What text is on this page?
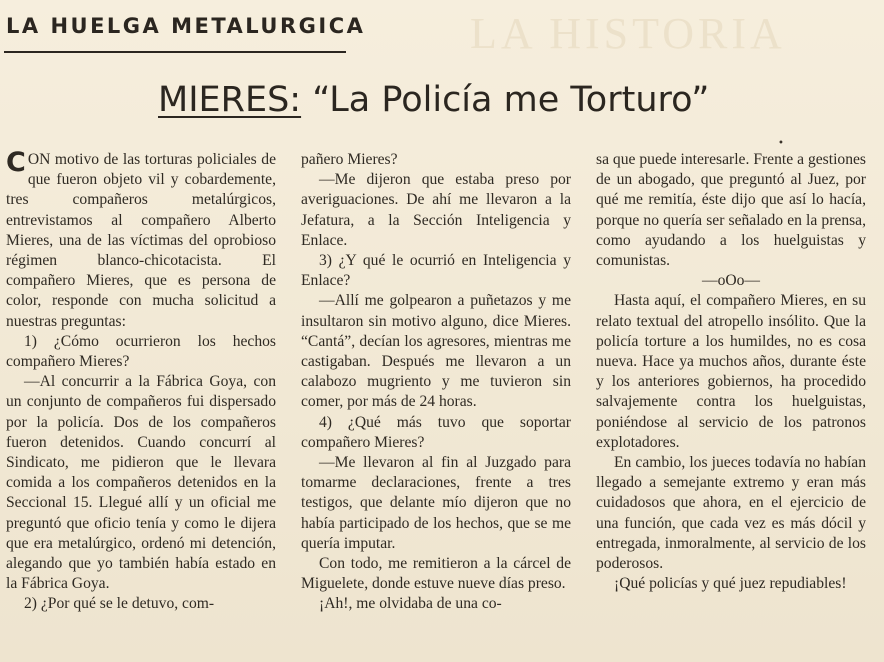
LA HISTORIA
LA HUELGA METALURGICA
MIERES: “La Policía me Torturo”
•

CON motivo de las torturas policiales de que fueron objeto vil y cobardemente, tres compañeros metalúrgicos, entrevistamos al compañero Alberto Mieres, una de las víctimas del oprobioso régimen blanco-chicotacista. El compañero Mieres, que es persona de color, responde con mucha solicitud a nuestras preguntas:

1) ¿Cómo ocurrieron los hechos compañero Mieres?

—Al concurrir a la Fábrica Goya, con un conjunto de compañeros fui dispersado por la policía. Dos de los compañeros fueron detenidos. Cuando concurrí al Sindicato, me pidieron que le llevara comida a los compañeros detenidos en la Seccional 15. Llegué allí y un oficial me preguntó que oficio tenía y como le dijera que era metalúrgico, ordenó mi detención, alegando que yo también había estado en la Fábrica Goya.

2) ¿Por qué se le detuvo, com-

pañero Mieres?

—Me dijeron que estaba preso por averiguaciones. De ahí me llevaron a la Jefatura, a la Sección Inteligencia y Enlace.

3) ¿Y qué le ocurrió en Inteligencia y Enlace?

—Allí me golpearon a puñetazos y me insultaron sin motivo alguno, dice Mieres. “Cantá”, decían los agresores, mientras me castigaban. Después me llevaron a un calabozo mugriento y me tuvieron sin comer, por más de 24 horas.

4) ¿Qué más tuvo que soportar compañero Mieres?

—Me llevaron al fin al Juzgado para tomarme declaraciones, frente a tres testigos, que delante mío dijeron que no había participado de los hechos, que se me quería imputar.

Con todo, me remitieron a la cárcel de Miguelete, donde estuve nueve días preso.

¡Ah!, me olvidaba de una co-

sa que puede interesarle. Frente a gestiones de un abogado, que preguntó al Juez, por qué me remitía, éste dijo que así lo hacía, porque no quería ser señalado en la prensa, como ayudando a los huelguistas y comunistas.

—oOo—

Hasta aquí, el compañero Mieres, en su relato textual del atropello insólito. Que la policía torture a los humildes, no es cosa nueva. Hace ya muchos años, durante éste y los anteriores gobiernos, ha procedido salvajemente contra los huelguistas, poniéndose al servicio de los patronos explotadores.

En cambio, los jueces todavía no habían llegado a semejante extremo y eran más cuidadosos que ahora, en el ejercicio de una función, que cada vez es más dócil y entregada, inmoralmente, al servicio de los poderosos.

¡Qué policías y qué juez repudiables!
